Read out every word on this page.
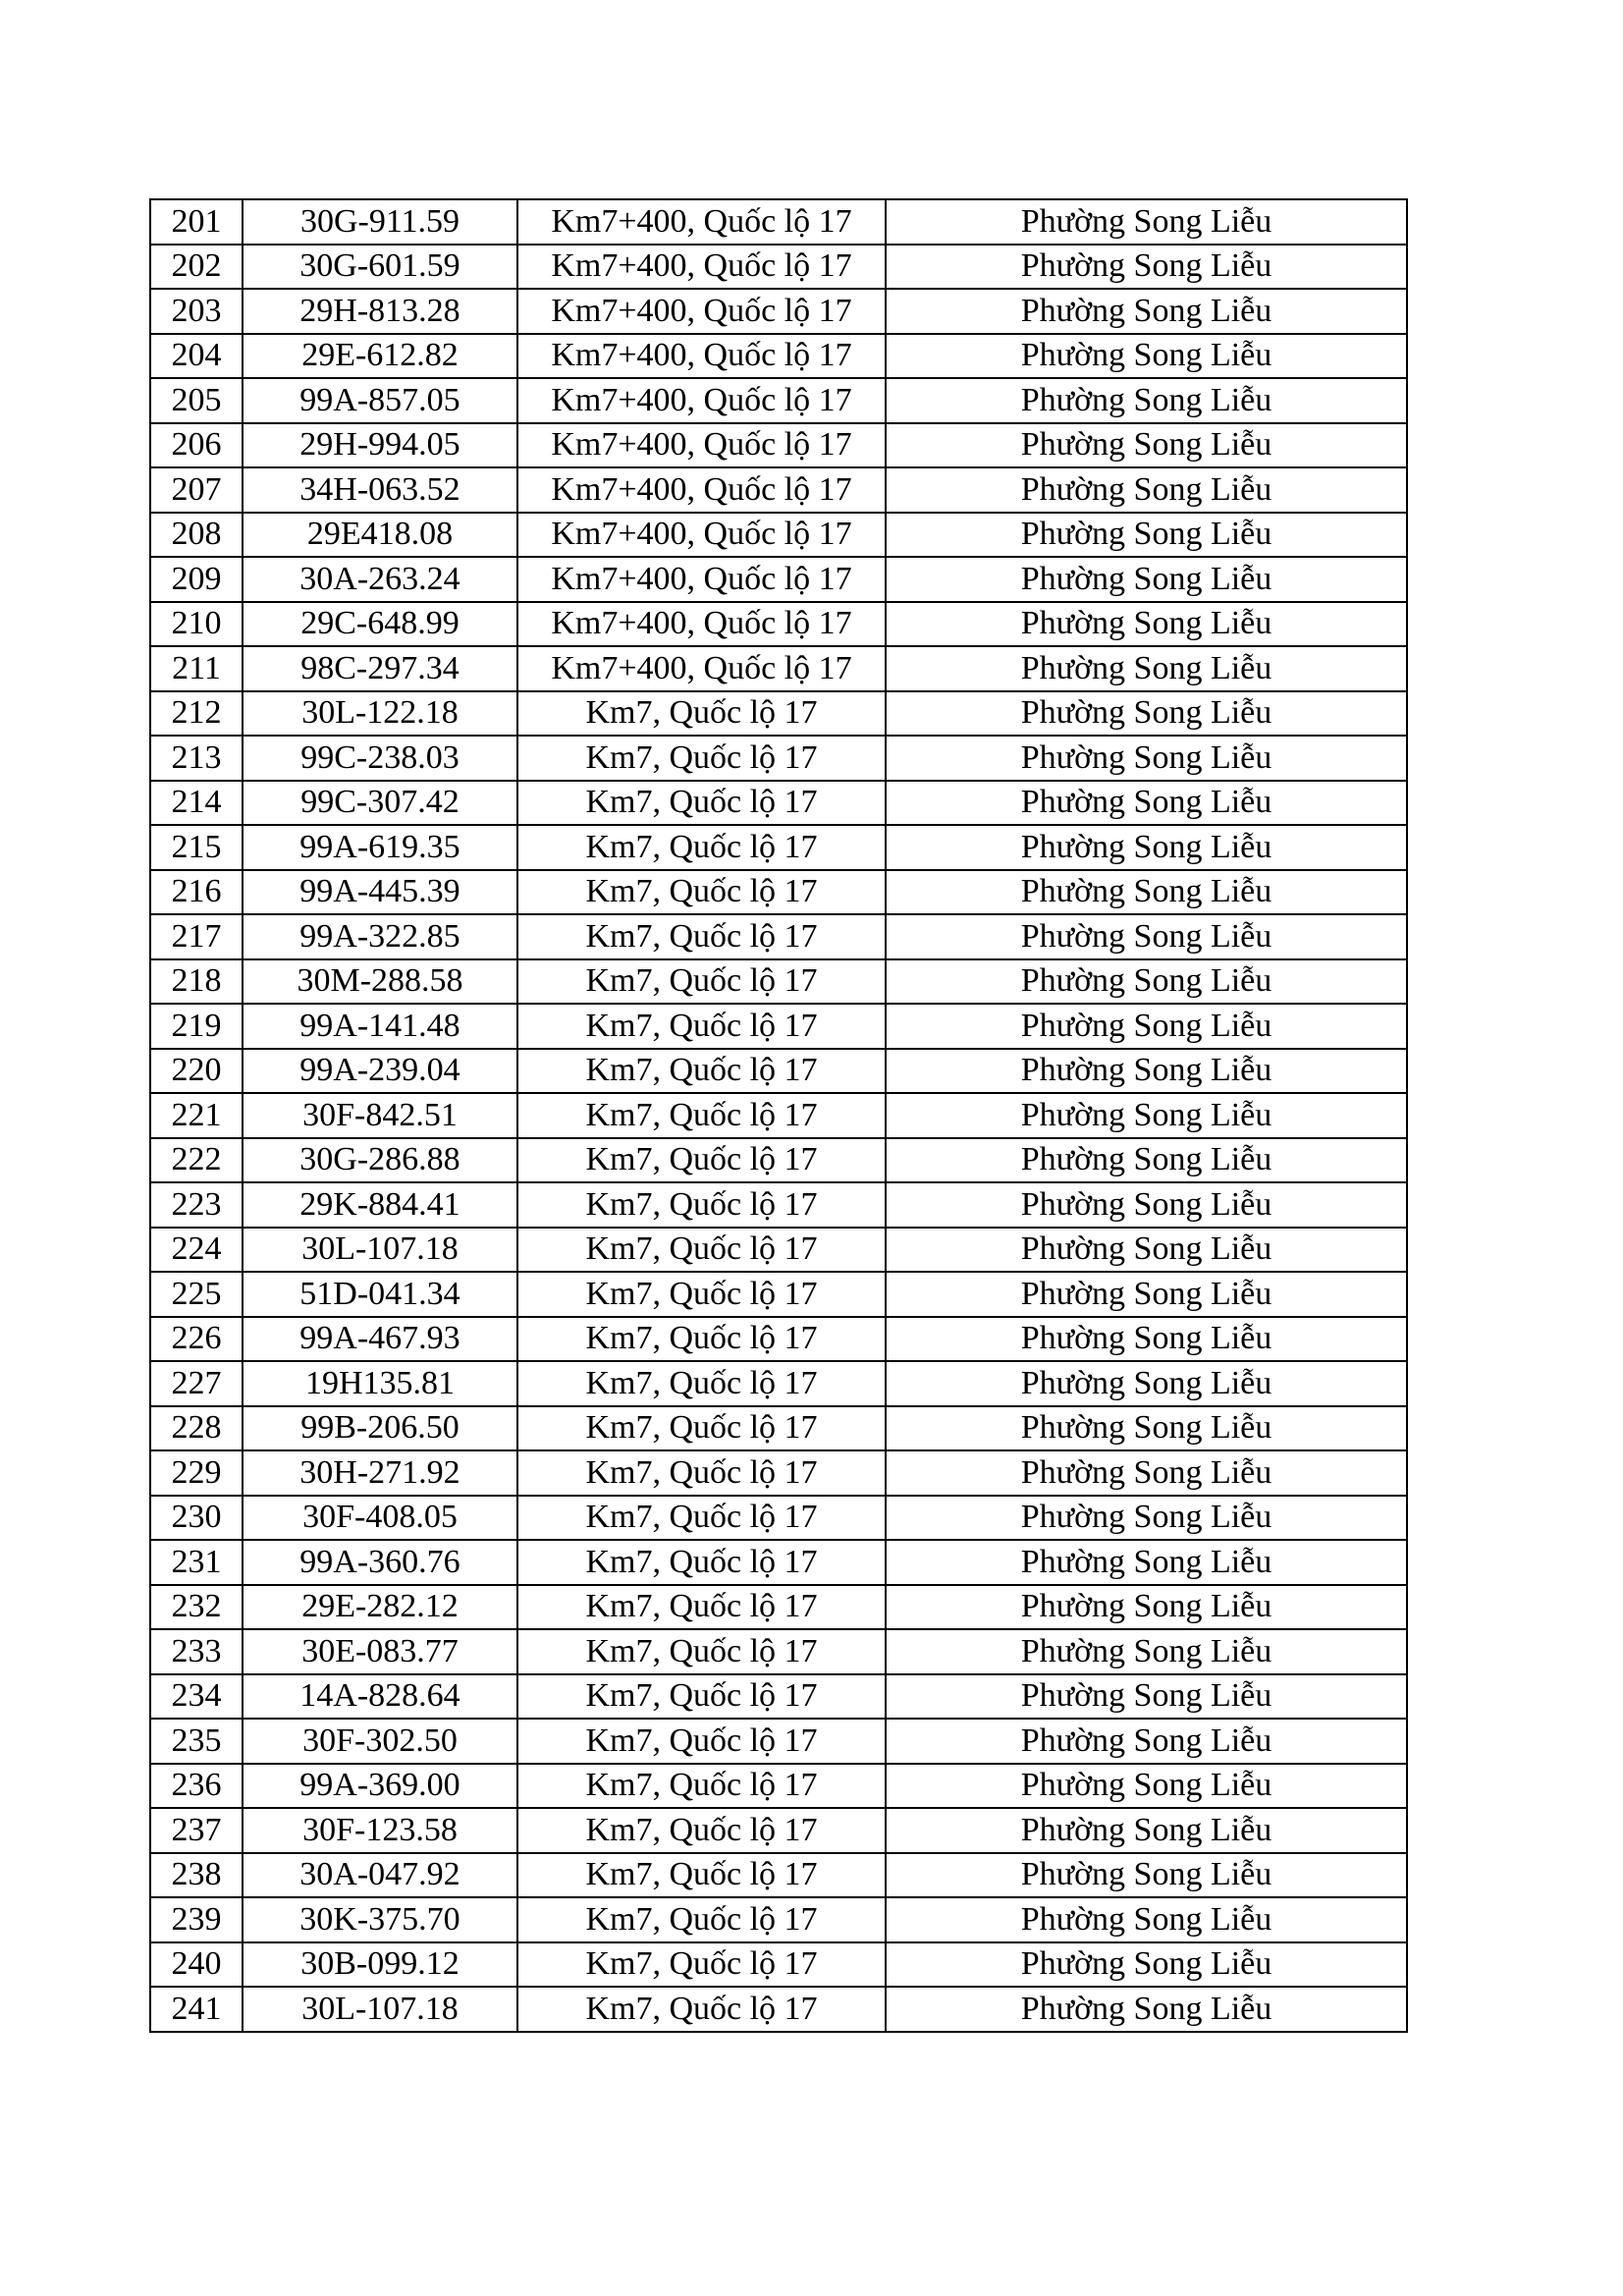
201	30G-911.59	Km7+400, Quốc lộ 17	Phường Song Liễu
202	30G-601.59	Km7+400, Quốc lộ 17	Phường Song Liễu
203	29H-813.28	Km7+400, Quốc lộ 17	Phường Song Liễu
204	29E-612.82	Km7+400, Quốc lộ 17	Phường Song Liễu
205	99A-857.05	Km7+400, Quốc lộ 17	Phường Song Liễu
206	29H-994.05	Km7+400, Quốc lộ 17	Phường Song Liễu
207	34H-063.52	Km7+400, Quốc lộ 17	Phường Song Liễu
208	29E418.08	Km7+400, Quốc lộ 17	Phường Song Liễu
209	30A-263.24	Km7+400, Quốc lộ 17	Phường Song Liễu
210	29C-648.99	Km7+400, Quốc lộ 17	Phường Song Liễu
211	98C-297.34	Km7+400, Quốc lộ 17	Phường Song Liễu
212	30L-122.18	Km7, Quốc lộ 17	Phường Song Liễu
213	99C-238.03	Km7, Quốc lộ 17	Phường Song Liễu
214	99C-307.42	Km7, Quốc lộ 17	Phường Song Liễu
215	99A-619.35	Km7, Quốc lộ 17	Phường Song Liễu
216	99A-445.39	Km7, Quốc lộ 17	Phường Song Liễu
217	99A-322.85	Km7, Quốc lộ 17	Phường Song Liễu
218	30M-288.58	Km7, Quốc lộ 17	Phường Song Liễu
219	99A-141.48	Km7, Quốc lộ 17	Phường Song Liễu
220	99A-239.04	Km7, Quốc lộ 17	Phường Song Liễu
221	30F-842.51	Km7, Quốc lộ 17	Phường Song Liễu
222	30G-286.88	Km7, Quốc lộ 17	Phường Song Liễu
223	29K-884.41	Km7, Quốc lộ 17	Phường Song Liễu
224	30L-107.18	Km7, Quốc lộ 17	Phường Song Liễu
225	51D-041.34	Km7, Quốc lộ 17	Phường Song Liễu
226	99A-467.93	Km7, Quốc lộ 17	Phường Song Liễu
227	19H135.81	Km7, Quốc lộ 17	Phường Song Liễu
228	99B-206.50	Km7, Quốc lộ 17	Phường Song Liễu
229	30H-271.92	Km7, Quốc lộ 17	Phường Song Liễu
230	30F-408.05	Km7, Quốc lộ 17	Phường Song Liễu
231	99A-360.76	Km7, Quốc lộ 17	Phường Song Liễu
232	29E-282.12	Km7, Quốc lộ 17	Phường Song Liễu
233	30E-083.77	Km7, Quốc lộ 17	Phường Song Liễu
234	14A-828.64	Km7, Quốc lộ 17	Phường Song Liễu
235	30F-302.50	Km7, Quốc lộ 17	Phường Song Liễu
236	99A-369.00	Km7, Quốc lộ 17	Phường Song Liễu
237	30F-123.58	Km7, Quốc lộ 17	Phường Song Liễu
238	30A-047.92	Km7, Quốc lộ 17	Phường Song Liễu
239	30K-375.70	Km7, Quốc lộ 17	Phường Song Liễu
240	30B-099.12	Km7, Quốc lộ 17	Phường Song Liễu
241	30L-107.18	Km7, Quốc lộ 17	Phường Song Liễu
